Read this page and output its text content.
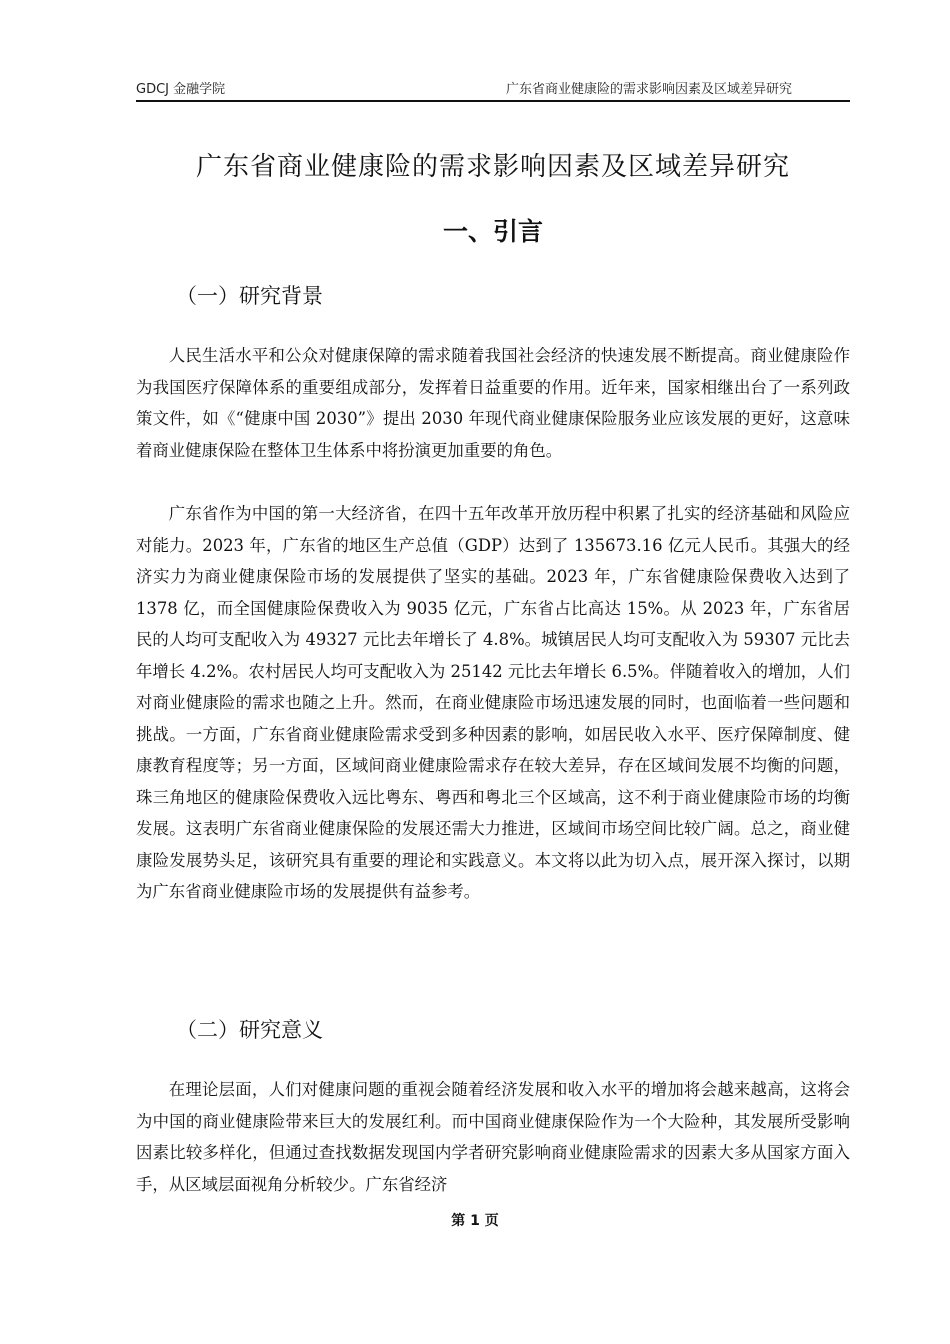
GDCJ 金融学院	广东省商业健康险的需求影响因素及区域差异研究
广东省商业健康险的需求影响因素及区域差异研究
一、引言
（一）研究背景
人民生活水平和公众对健康保障的需求随着我国社会经济的快速发展不断提高。商业健康险作为我国医疗保障体系的重要组成部分，发挥着日益重要的作用。近年来，国家相继出台了一系列政策文件，如《“健康中国 2030”》提出 2030 年现代商业健康保险服务业应该发展的更好，这意味着商业健康保险在整体卫生体系中将扮演更加重要的角色。
广东省作为中国的第一大经济省，在四十五年改革开放历程中积累了扎实的经济基础和风险应对能力。2023 年，广东省的地区生产总值（GDP）达到了 135673.16 亿元人民币。其强大的经济实力为商业健康保险市场的发展提供了坚实的基础。2023 年，广东省健康险保费收入达到了 1378 亿，而全国健康险保费收入为 9035 亿元，广东省占比高达 15%。从 2023 年，广东省居民的人均可支配收入为 49327 元比去年增长了 4.8%。城镇居民人均可支配收入为 59307 元比去年增长 4.2%。农村居民人均可支配收入为 25142 元比去年增长 6.5%。伴随着收入的增加，人们对商业健康险的需求也随之上升。然而，在商业健康险市场迅速发展的同时，也面临着一些问题和挑战。一方面，广东省商业健康险需求受到多种因素的影响，如居民收入水平、医疗保障制度、健康教育程度等；另一方面，区域间商业健康险需求存在较大差异，存在区域间发展不均衡的问题，珠三角地区的健康险保费收入远比粤东、粤西和粤北三个区域高，这不利于商业健康险市场的均衡发展。这表明广东省商业健康保险的发展还需大力推进，区域间市场空间比较广阔。总之，商业健康险发展势头足，该研究具有重要的理论和实践意义。本文将以此为切入点，展开深入探讨，以期为广东省商业健康险市场的发展提供有益参考。
（二）研究意义
在理论层面，人们对健康问题的重视会随着经济发展和收入水平的增加将会越来越高，这将会为中国的商业健康险带来巨大的发展红利。而中国商业健康保险作为一个大险种，其发展所受影响因素比较多样化，但通过查找数据发现国内学者研究影响商业健康险需求的因素大多从国家方面入手，从区域层面视角分析较少。广东省经济
第 1 页
